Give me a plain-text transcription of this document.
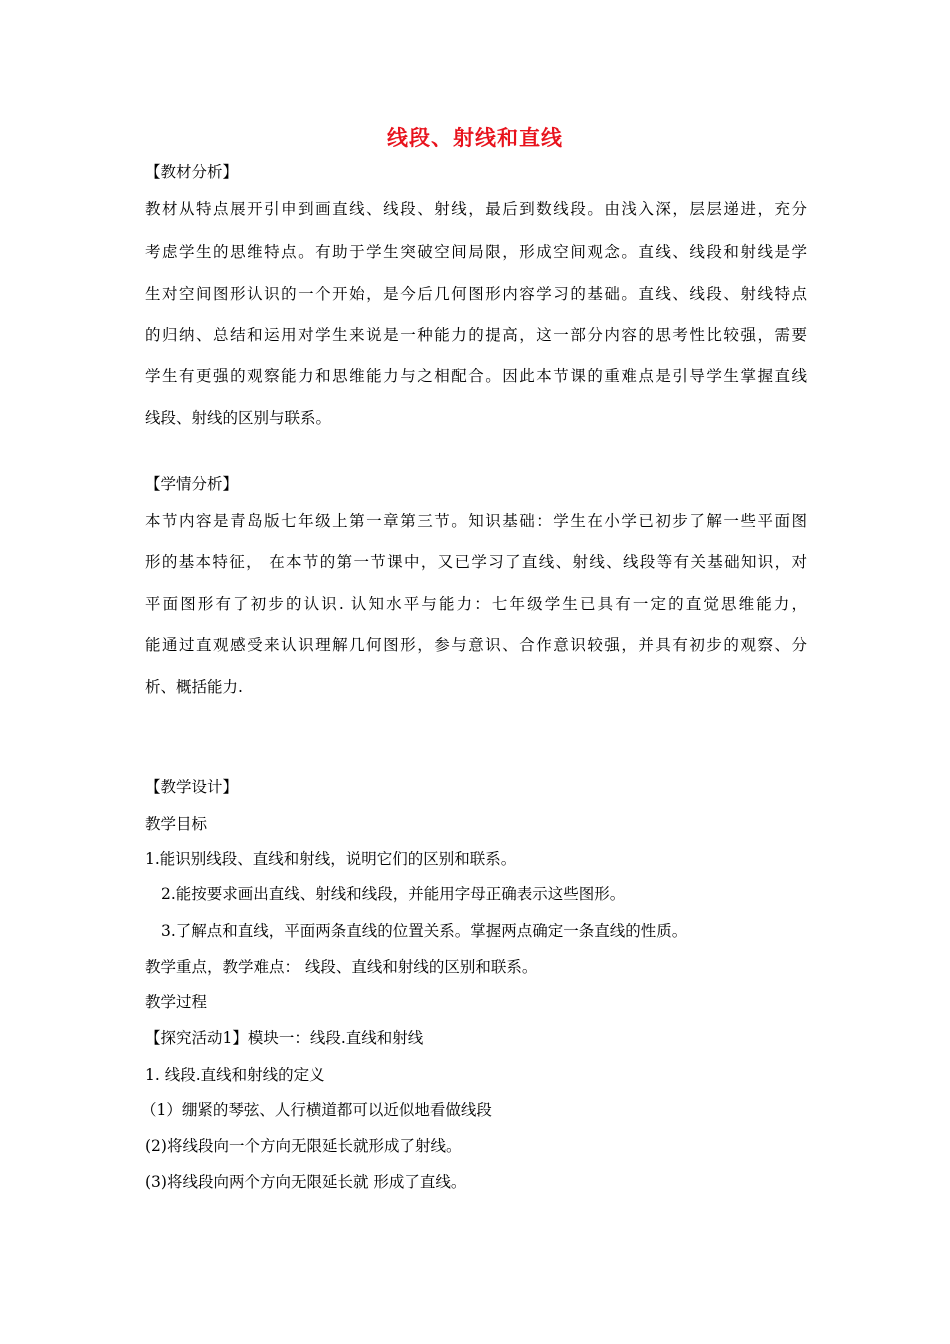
线段、射线和直线
【教材分析】
教材从特点展开引申到画直线、线段、射线，最后到数线段。由浅入深，层层递进，充分
考虑学生的思维特点。有助于学生突破空间局限，形成空间观念。直线、线段和射线是学
生对空间图形认识的一个开始，是今后几何图形内容学习的基础。直线、线段、射线特点
的归纳、总结和运用对学生来说是一种能力的提高，这一部分内容的思考性比较强，需要
学生有更强的观察能力和思维能力与之相配合。因此本节课的重难点是引导学生掌握直线
线段、射线的区别与联系。
【学情分析】
本节内容是青岛版七年级上第一章第三节。知识基础：学生在小学已初步了解一些平面图
形的基本特征， 在本节的第一节课中，又已学习了直线、射线、线段等有关基础知识，对
平面图形有了初步的认识. 认知水平与能力：七年级学生已具有一定的直觉思维能力，
能通过直观感受来认识理解几何图形，参与意识、合作意识较强，并具有初步的观察、分
析、概括能力.
【教学设计】
教学目标
1.能识别线段、直线和射线，说明它们的区别和联系。
2.能按要求画出直线、射线和线段，并能用字母正确表示这些图形。
3.了解点和直线，平面两条直线的位置关系。掌握两点确定一条直线的性质。
教学重点，教学难点： 线段、直线和射线的区别和联系。
教学过程
【探究活动1】模块一：线段.直线和射线
1. 线段.直线和射线的定义
（1）绷紧的琴弦、人行横道都可以近似地看做线段
(2)将线段向一个方向无限延长就形成了射线。
(3)将线段向两个方向无限延长就 形成了直线。
